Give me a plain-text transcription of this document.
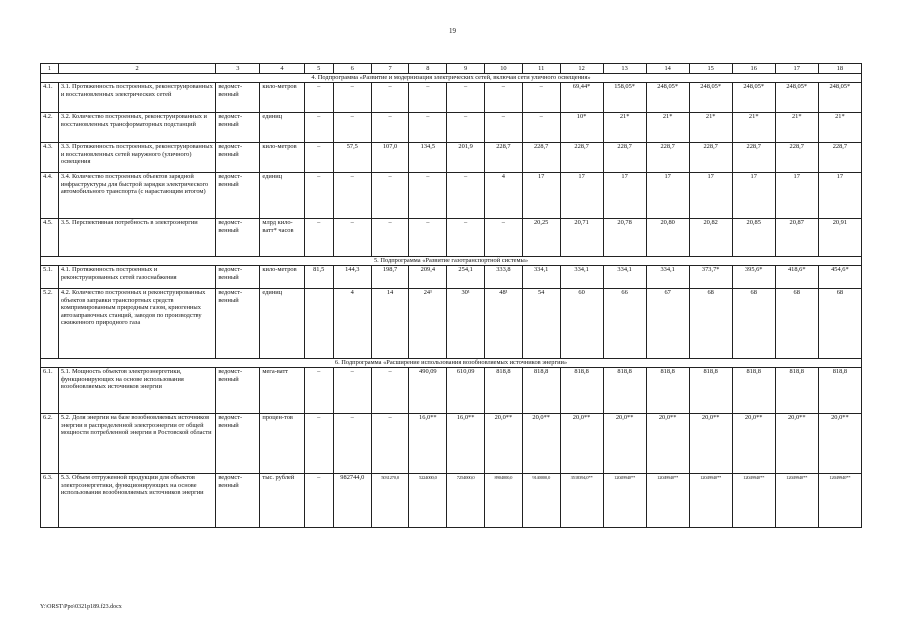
19
1	2	3	4	5	6	7	8	9	10	11	12	13	14	15	16	17	18
4. Подпрограмма «Развитие и модернизация электрических сетей, включая сети уличного освещения»																	
4.1.	3.1. Протяженность построенных, реконструированных и восстановленных электрических сетей	ведомст-венный	кило-метров	–	–	–	–	–	–	–	69,44*	158,05*	248,05*	248,05*	248,05*	248,05*	248,05*
4.2.	3.2. Количество построенных, реконструированных и восстановленных трансформаторных подстанций	ведомст-венный	единиц	–	–	–	–	–	–	–	10*	21*	21*	21*	21*	21*	21*
4.3.	3.3. Протяженность построенных, реконструированных и восстановленных сетей наружного (уличного) освещения	ведомст-венный	кило-метров	–	57,5	107,0	134,5	201,9	228,7	228,7	228,7	228,7	228,7	228,7	228,7	228,7	228,7
4.4.	3.4. Количество построенных объектов зарядной инфраструктуры для быстрой зарядки электрического автомобильного транспорта (с нарастающим итогом)	ведомст-венный	единиц	–	–	–	–	–	4	17	17	17	17	17	17	17	17
4.5.	3.5. Перспективная потребность в электроэнергии	ведомст-венный	млрд кило-ватт* часов	–	–	–	–	–	–	20,25	20,71	20,78	20,80	20,82	20,85	20,87	20,91
5. Подпрограмма «Развитие газотранспортной системы»																	
5.1.	4.1. Протяженность построенных и реконструированных сетей газоснабжения	ведомст-венный	кило-метров	81,5	144,3	198,7	209,4	254,1	333,8	334,1	334,1	334,1	334,1	373,7*	395,6*	418,6*	454,6*
5.2.	4.2. Количество построенных и реконструированных объектов заправки транспортных средств компримированным природным газом, криогенных автозаправочных станций, заводов по производству сжиженного природного газа	ведомст-венный	единиц		4	14	24¹	30¹	48¹	54	60	66	67	68	68	68	68
6. Подпрограмма «Расширение использования возобновляемых источников энергии»																	
6.1.	5.1. Мощность объектов электроэнергетики, функционирующих на основе использования возобновляемых источников энергии	ведомст-венный	мега-ватт	–	–	–	490,09	610,09	818,8	818,8	818,8	818,8	818,8	818,8	818,8	818,8	818,8
6.2.	5.2. Доля энергии на базе возобновляемых источников энергии в распределенной электроэнергии от общей мощности потребленной энергии в Ростовской области	ведомст-венный	процен-тов	–	–	–	16,0**	16,0**	20,0**	20,0**	20,0**	20,0**	20,0**	20,0**	20,0**	20,0**	20,0**
6.3.	5.3. Объем отгруженной продукции для объектов электроэнергетики, функционирующих на основе использования возобновляемых источников энергии	ведомст-венный	тыс. рублей	–	982744,0	5031270,0	5224000,0	7254000,0	8904000,0	9140000,0	3518394,0**	12049940**	12049940**	12049940**	12049940**	12049940**	12049940**
Y:\ORST\Ppo\0321p189.f23.docx
